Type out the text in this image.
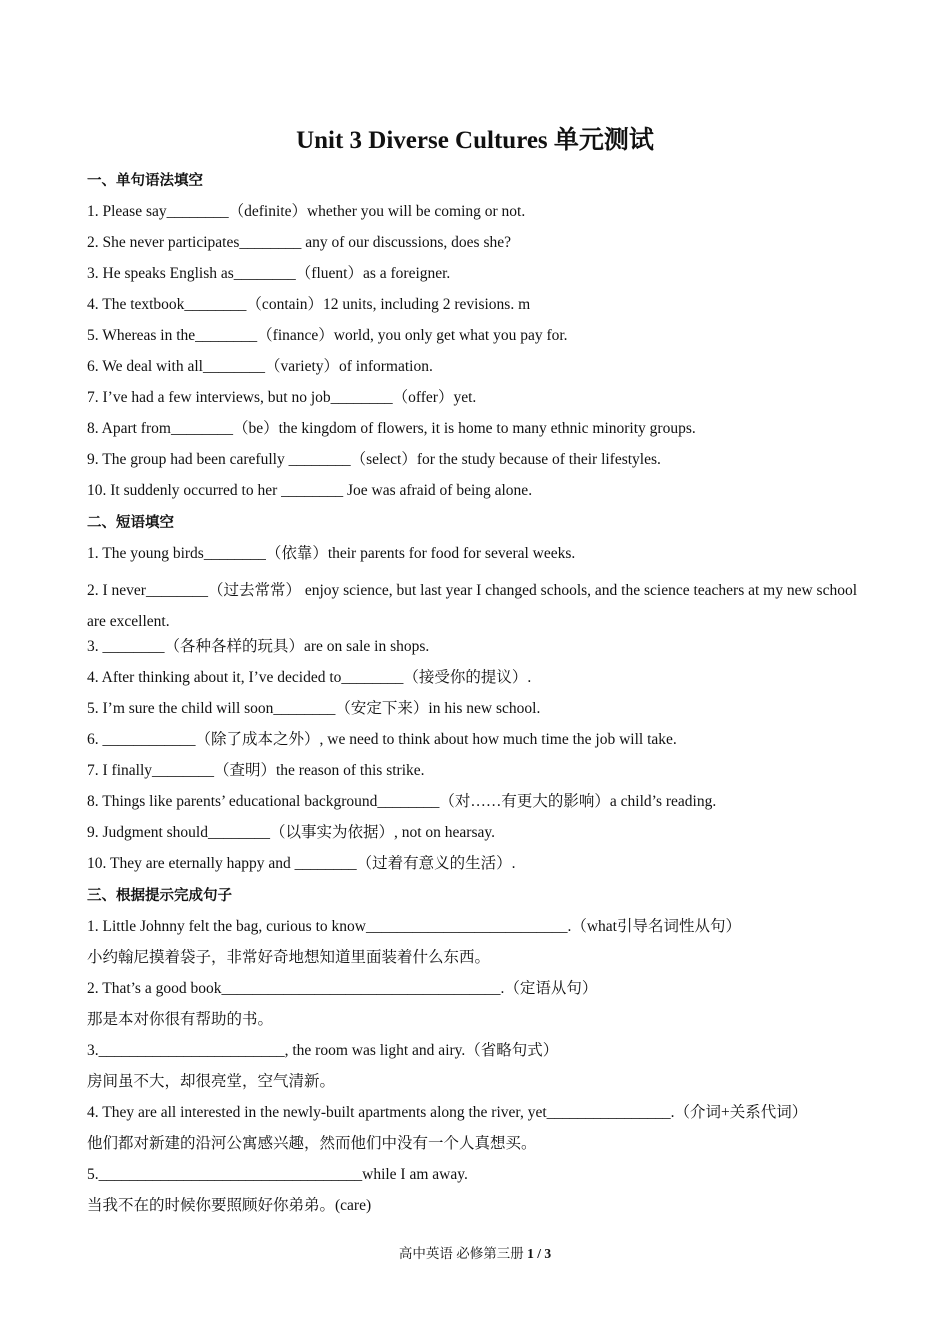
Unit 3 Diverse Cultures 单元测试
一、单句语法填空
1. Please say________（definite）whether you will be coming or not.
2. She never participates________ any of our discussions, does she?
3. He speaks English as________（fluent）as a foreigner.
4. The textbook________（contain）12 units, including 2 revisions. m
5. Whereas in the________（finance）world, you only get what you pay for.
6. We deal with all________（variety）of information.
7. I’ve had a few interviews, but no job________（offer）yet.
8. Apart from________（be）the kingdom of flowers, it is home to many ethnic minority groups.
9. The group had been carefully ________（select）for the study because of their lifestyles.
10. It suddenly occurred to her ________ Joe was afraid of being alone.
二、短语填空
1. The young birds________（依靠）their parents for food for several weeks.
2. I never________（过去常常） enjoy science, but last year I changed schools, and the science teachers at my new school are excellent.
3. ________（各种各样的玩具）are on sale in shops.
4. After thinking about it, I’ve decided to________（接受你的提议）.
5. I’m sure the child will soon________（安定下来）in his new school.
6. ____________（除了成本之外）, we need to think about how much time the job will take.
7. I finally________（查明）the reason of this strike.
8. Things like parents’ educational background________（对……有更大的影响）a child’s reading.
9. Judgment should________（以事实为依据）, not on hearsay.
10. They are eternally happy and ________（过着有意义的生活）.
三、根据提示完成句子
1. Little Johnny felt the bag, curious to know__________________________.（what引导名词性从句）
小约翰尼摸着袋子，非常好奇地想知道里面装着什么东西。
2. That’s a good book____________________________________.（定语从句）
那是本对你很有帮助的书。
3.________________________, the room was light and airy.（省略句式）
房间虽不大，却很亮堂，空气清新。
4. They are all interested in the newly-built apartments along the river, yet________________.（介词+关系代词）
他们都对新建的沿河公寓感兴趣，然而他们中没有一个人真想买。
5.__________________________________while I am away.
当我不在的时候你要照顾好你弟弟。(care)
高中英语 必修第三册 1 / 3
